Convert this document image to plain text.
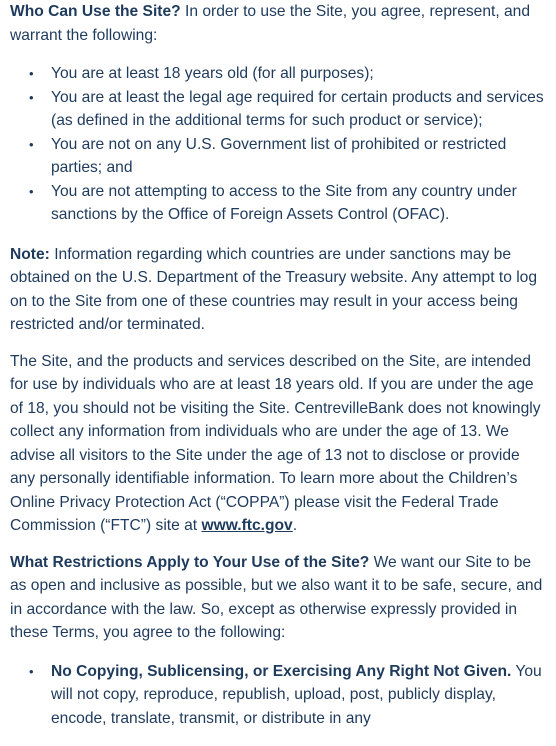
Who Can Use the Site? In order to use the Site, you agree, represent, and warrant the following:

• You are at least 18 years old (for all purposes);
• You are at least the legal age required for certain products and services (as defined in the additional terms for such product or service);
• You are not on any U.S. Government list of prohibited or restricted parties; and
• You are not attempting to access to the Site from any country under sanctions by the Office of Foreign Assets Control (OFAC).

Note: Information regarding which countries are under sanctions may be obtained on the U.S. Department of the Treasury website. Any attempt to log on to the Site from one of these countries may result in your access being restricted and/or terminated.

The Site, and the products and services described on the Site, are intended for use by individuals who are at least 18 years old. If you are under the age of 18, you should not be visiting the Site. CentrevilleBank does not knowingly collect any information from individuals who are under the age of 13. We advise all visitors to the Site under the age of 13 not to disclose or provide any personally identifiable information. To learn more about the Children’s Online Privacy Protection Act (“COPPA”) please visit the Federal Trade Commission (“FTC”) site at www.ftc.gov.

What Restrictions Apply to Your Use of the Site? We want our Site to be as open and inclusive as possible, but we also want it to be safe, secure, and in accordance with the law. So, except as otherwise expressly provided in these Terms, you agree to the following:

• No Copying, Sublicensing, or Exercising Any Right Not Given. You will not copy, reproduce, republish, upload, post, publicly display, encode, translate, transmit, or distribute in any
